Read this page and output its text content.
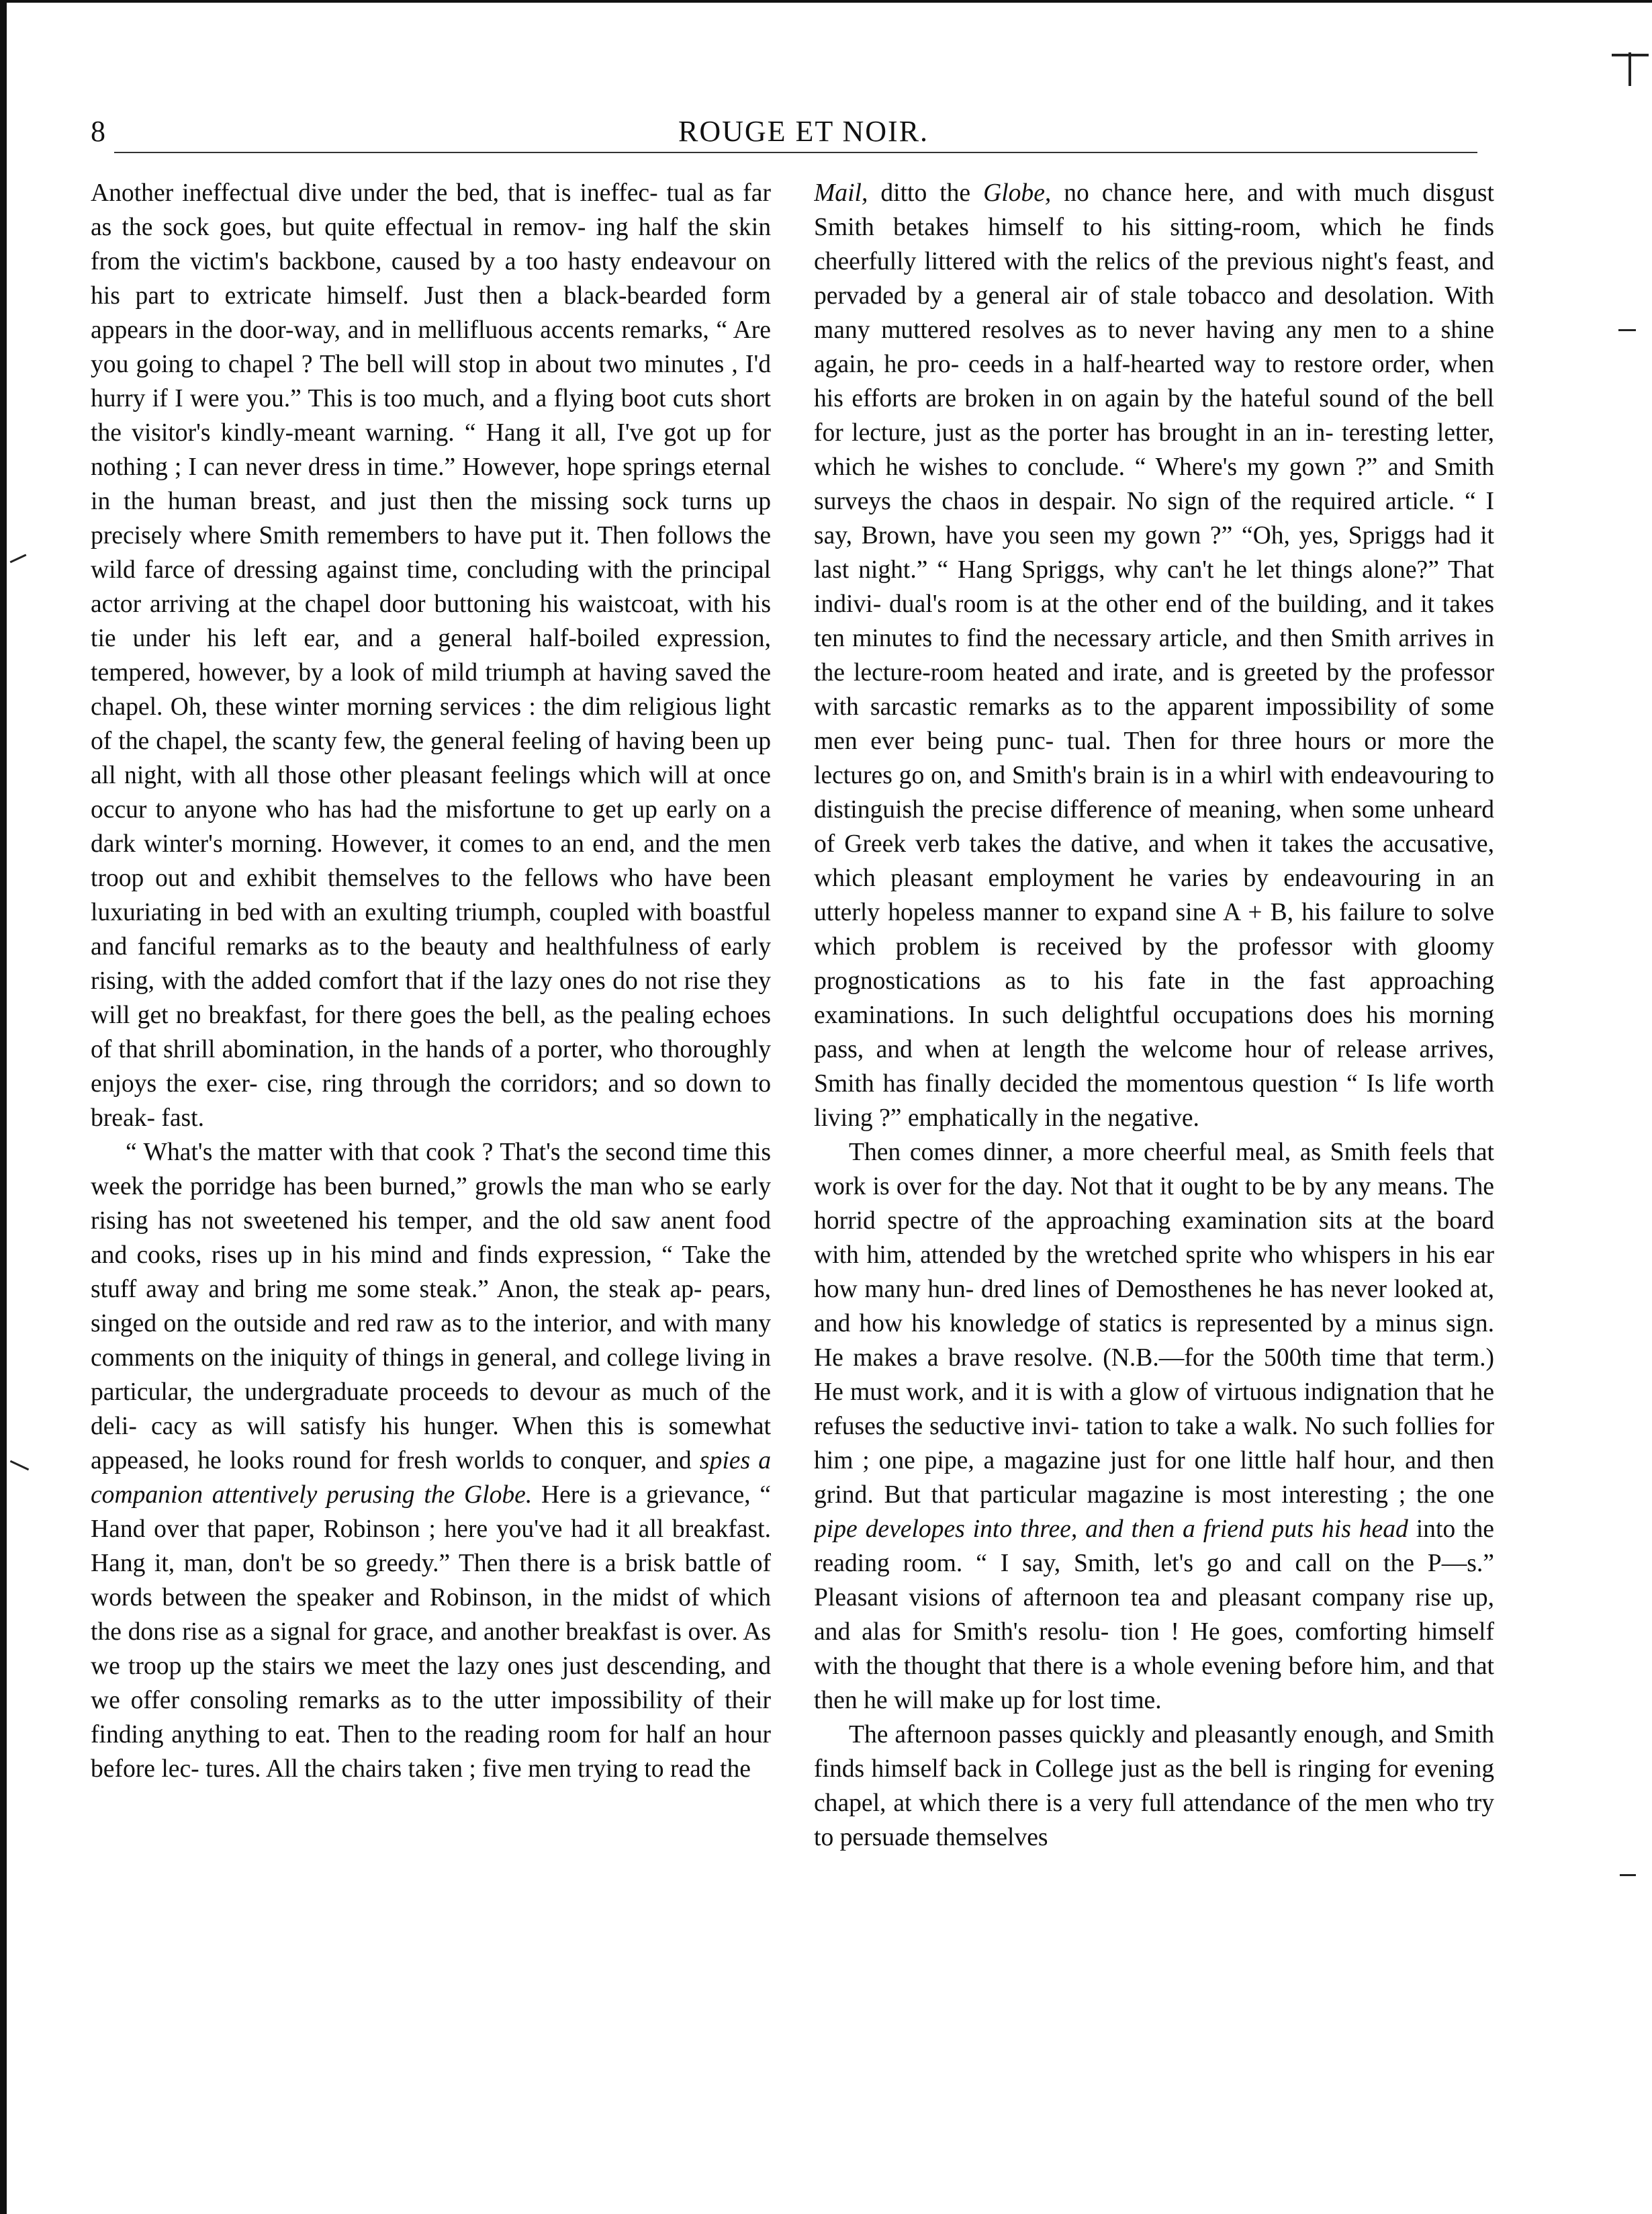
8	ROUGE ET NOIR.

Another ineffectual dive under the bed, that is ineffec- tual as far as the sock goes, but quite effectual in remov- ing half the skin from the victim's backbone, caused by a too hasty endeavour on his part to extricate himself. Just then a black-bearded form appears in the door-way, and in mellifluous accents remarks, “ Are you going to chapel ? The bell will stop in about two minutes , I'd hurry if I were you.” This is too much, and a flying boot cuts short the visitor's kindly-meant warning. “ Hang it all, I've got up for nothing ; I can never dress in time.” However, hope springs eternal in the human breast, and just then the missing sock turns up precisely where Smith remembers to have put it. Then follows the wild farce of dressing against time, concluding with the principal actor arriving at the chapel door buttoning his waistcoat, with his tie under his left ear, and a general half-boiled expression, tempered, however, by a look of mild triumph at having saved the chapel. Oh, these winter morning services : the dim religious light of the chapel, the scanty few, the general feeling of having been up all night, with all those other pleasant feelings which will at once occur to anyone who has had the misfortune to get up early on a dark winter's morning. However, it comes to an end, and the men troop out and exhibit themselves to the fellows who have been luxuriating in bed with an exulting triumph, coupled with boastful and fanciful remarks as to the beauty and healthfulness of early rising, with the added comfort that if the lazy ones do not rise they will get no breakfast, for there goes the bell, as the pealing echoes of that shrill abomination, in the hands of a porter, who thoroughly enjoys the exer- cise, ring through the corridors; and so down to break- fast.

“ What's the matter with that cook ? That's the second time this week the porridge has been burned,” growls the man who se early rising has not sweetened his temper, and the old saw anent food and cooks, rises up in his mind and finds expression, “ Take the stuff away and bring me some steak.” Anon, the steak ap- pears, singed on the outside and red raw as to the interior, and with many comments on the iniquity of things in general, and college living in particular, the undergraduate proceeds to devour as much of the deli- cacy as will satisfy his hunger. When this is somewhat appeased, he looks round for fresh worlds to conquer, and spies a companion attentively perusing the Globe. Here is a grievance, “ Hand over that paper, Robinson ; here you've had it all breakfast. Hang it, man, don't be so greedy.” Then there is a brisk battle of words between the speaker and Robinson, in the midst of which the dons rise as a signal for grace, and another breakfast is over. As we troop up the stairs we meet the lazy ones just descending, and we offer consoling remarks as to the utter impossibility of their finding anything to eat. Then to the reading room for half an hour before lec- tures. All the chairs taken ; five men trying to read the

Mail, ditto the Globe, no chance here, and with much disgust Smith betakes himself to his sitting-room, which he finds cheerfully littered with the relics of the previous night's feast, and pervaded by a general air of stale tobacco and desolation. With many muttered resolves as to never having any men to a shine again, he pro- ceeds in a half-hearted way to restore order, when his efforts are broken in on again by the hateful sound of the bell for lecture, just as the porter has brought in an in- teresting letter, which he wishes to conclude. “ Where's my gown ?” and Smith surveys the chaos in despair. No sign of the required article. “ I say, Brown, have you seen my gown ?” “Oh, yes, Spriggs had it last night.” “ Hang Spriggs, why can't he let things alone?” That indivi- dual's room is at the other end of the building, and it takes ten minutes to find the necessary article, and then Smith arrives in the lecture-room heated and irate, and is greeted by the professor with sarcastic remarks as to the apparent impossibility of some men ever being punc- tual. Then for three hours or more the lectures go on, and Smith's brain is in a whirl with endeavouring to distinguish the precise difference of meaning, when some unheard of Greek verb takes the dative, and when it takes the accusative, which pleasant employment he varies by endeavouring in an utterly hopeless manner to expand sine A + B, his failure to solve which problem is received by the professor with gloomy prognostications as to his fate in the fast approaching examinations. In such delightful occupations does his morning pass, and when at length the welcome hour of release arrives, Smith has finally decided the momentous question “ Is life worth living ?” emphatically in the negative.

Then comes dinner, a more cheerful meal, as Smith feels that work is over for the day. Not that it ought to be by any means. The horrid spectre of the approaching examination sits at the board with him, attended by the wretched sprite who whispers in his ear how many hun- dred lines of Demosthenes he has never looked at, and how his knowledge of statics is represented by a minus sign. He makes a brave resolve. (N.B.—for the 500th time that term.) He must work, and it is with a glow of virtuous indignation that he refuses the seductive invi- tation to take a walk. No such follies for him ; one pipe, a magazine just for one little half hour, and then grind. But that particular magazine is most interesting ; the one pipe developes into three, and then a friend puts his head into the reading room. “ I say, Smith, let's go and call on the P—s.” Pleasant visions of afternoon tea and pleasant company rise up, and alas for Smith's resolu- tion ! He goes, comforting himself with the thought that there is a whole evening before him, and that then he will make up for lost time.

The afternoon passes quickly and pleasantly enough, and Smith finds himself back in College just as the bell is ringing for evening chapel, at which there is a very full attendance of the men who try to persuade themselves
